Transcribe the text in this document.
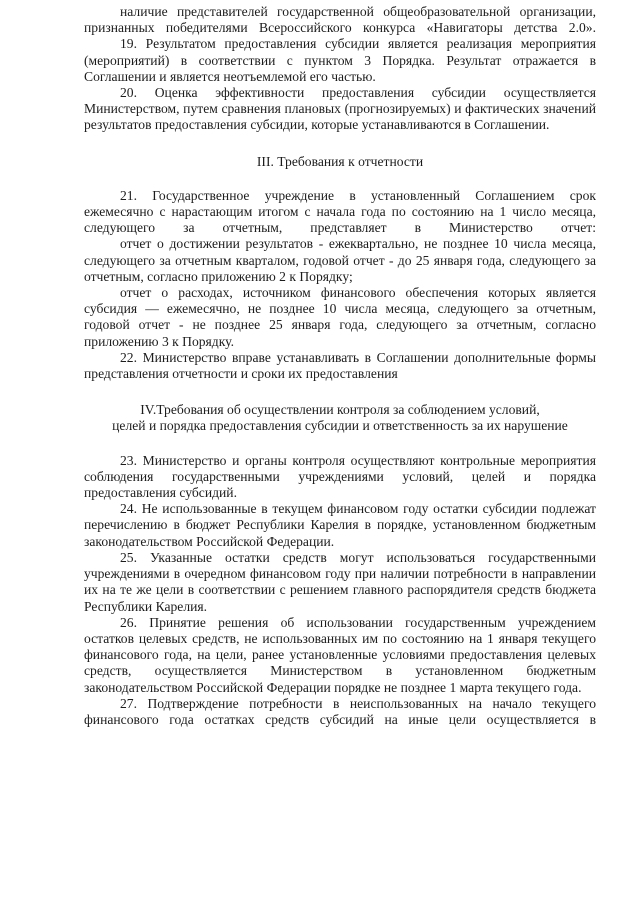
наличие представителей государственной общеобразовательной организации, признанных победителями Всероссийского конкурса «Навигаторы детства 2.0».

19. Результатом предоставления субсидии является реализация мероприятия (мероприятий) в соответствии с пунктом 3 Порядка. Результат отражается в Соглашении и является неотъемлемой его частью.

20. Оценка эффективности предоставления субсидии осуществляется Министерством, путем сравнения плановых (прогнозируемых) и фактических значений результатов предоставления субсидии, которые устанавливаются в Соглашении.

III. Требования к отчетности

21. Государственное учреждение в установленный Соглашением срок ежемесячно с нарастающим итогом с начала года по состоянию на 1 число месяца, следующего за отчетным, представляет в Министерство отчет:

отчет о достижении результатов - ежеквартально, не позднее 10 числа месяца, следующего за отчетным кварталом, годовой отчет - до 25 января года, следующего за отчетным, согласно приложению 2 к Порядку;

отчет о расходах, источником финансового обеспечения которых является субсидия — ежемесячно, не позднее 10 числа месяца, следующего за отчетным, годовой отчет - не позднее 25 января года, следующего за отчетным, согласно приложению 3 к Порядку.

22. Министерство вправе устанавливать в Соглашении дополнительные формы представления отчетности и сроки их предоставления

IV.Требования об осуществлении контроля за соблюдением условий,
целей и порядка предоставления субсидии и ответственность за их нарушение

23. Министерство и органы контроля осуществляют контрольные мероприятия соблюдения государственными учреждениями условий, целей и порядка предоставления субсидий.

24. Не использованные в текущем финансовом году остатки субсидии подлежат перечислению в бюджет Республики Карелия в порядке, установленном бюджетным законодательством Российской Федерации.

25. Указанные остатки средств могут использоваться государственными учреждениями в очередном финансовом году при наличии потребности в направлении их на те же цели в соответствии с решением главного распорядителя средств бюджета Республики Карелия.

26. Принятие решения об использовании государственным учреждением остатков целевых средств, не использованных им по состоянию на 1 января текущего финансового года, на цели, ранее установленные условиями предоставления целевых средств, осуществляется Министерством в установленном бюджетным законодательством Российской Федерации порядке не позднее 1 марта текущего года.

27. Подтверждение потребности в неиспользованных на начало текущего финансового года остатках средств субсидий на иные цели осуществляется в
